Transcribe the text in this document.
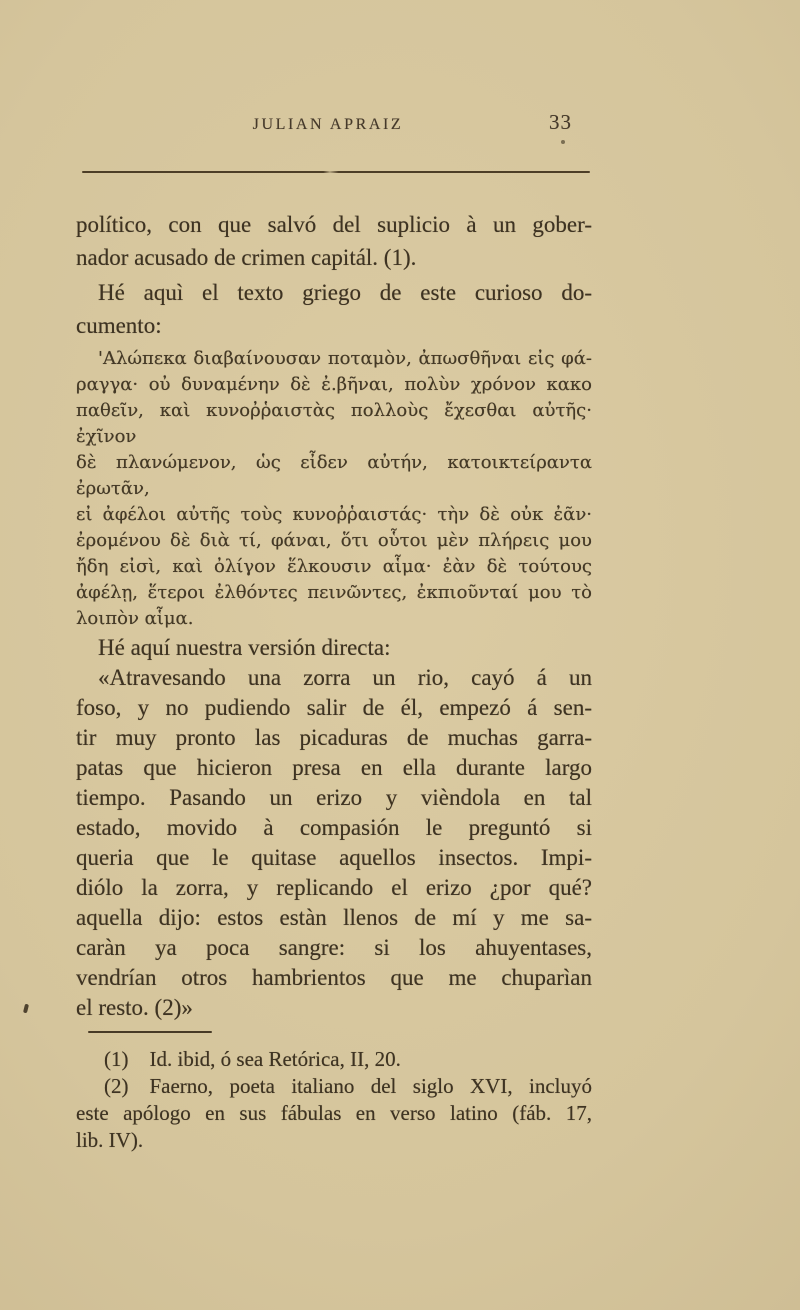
JULIAN APRAIZ	33
político, con que salvó del suplicio à un gober-
nador acusado de crimen capitál. (1).
Hé aquì el texto griego de este curioso do-
cumento:
'Αλώπεκα διαβαίνουσαν ποταμὸν, ἀπωσθῆναι εἰς φά-
ραγγα· οὐ δυναμένην δὲ ἐ.βῆναι, πολὺν χρόνον κακο
παθεῖν, καὶ κυνοῤῥαιστὰς πολλοὺς ἔχεσθαι αὐτῆς· ἐχῖνον
δὲ πλανώμενον, ὡς εἶδεν αὐτήν, κατοικτείραντα ἐρωτᾶν,
εἰ ἀφέλοι αὐτῆς τοὺς κυνοῤῥαιστάς· τὴν δὲ οὐκ ἐᾶν·
ἐρομένου δὲ διὰ τί, φάναι, ὅτι οὗτοι μὲν πλήρεις μου
ἤδη εἰσὶ, καὶ ὀλίγον ἕλκουσιν αἷμα· ἐὰν δὲ τούτους
ἀφέλῃ, ἕτεροι ἐλθόντες πεινῶντες, ἐκπιοῦνταί μου τὸ
λοιπὸν αἷμα.
Hé aquí nuestra versión directa:
«Atravesando una zorra un rio, cayó á un
foso, y no pudiendo salir de él, empezó á sen-
tir muy pronto las picaduras de muchas garra-
patas que hicieron presa en ella durante largo
tiempo. Pasando un erizo y vièndola en tal
estado, movido à compasión le preguntó si
queria que le quitase aquellos insectos. Impi-
diólo la zorra, y replicando el erizo ¿por qué?
aquella dijo: estos estàn llenos de mí y me sa-
caràn ya poca sangre: si los ahuyentases,
vendrían otros hambrientos que me chuparìan
el resto. (2)»
(1)  Id. ibid, ó sea Retórica, II, 20.
(2)  Faerno, poeta italiano del siglo XVI, incluyó
este apólogo en sus fábulas en verso latino (fáb. 17,
lib. IV).
